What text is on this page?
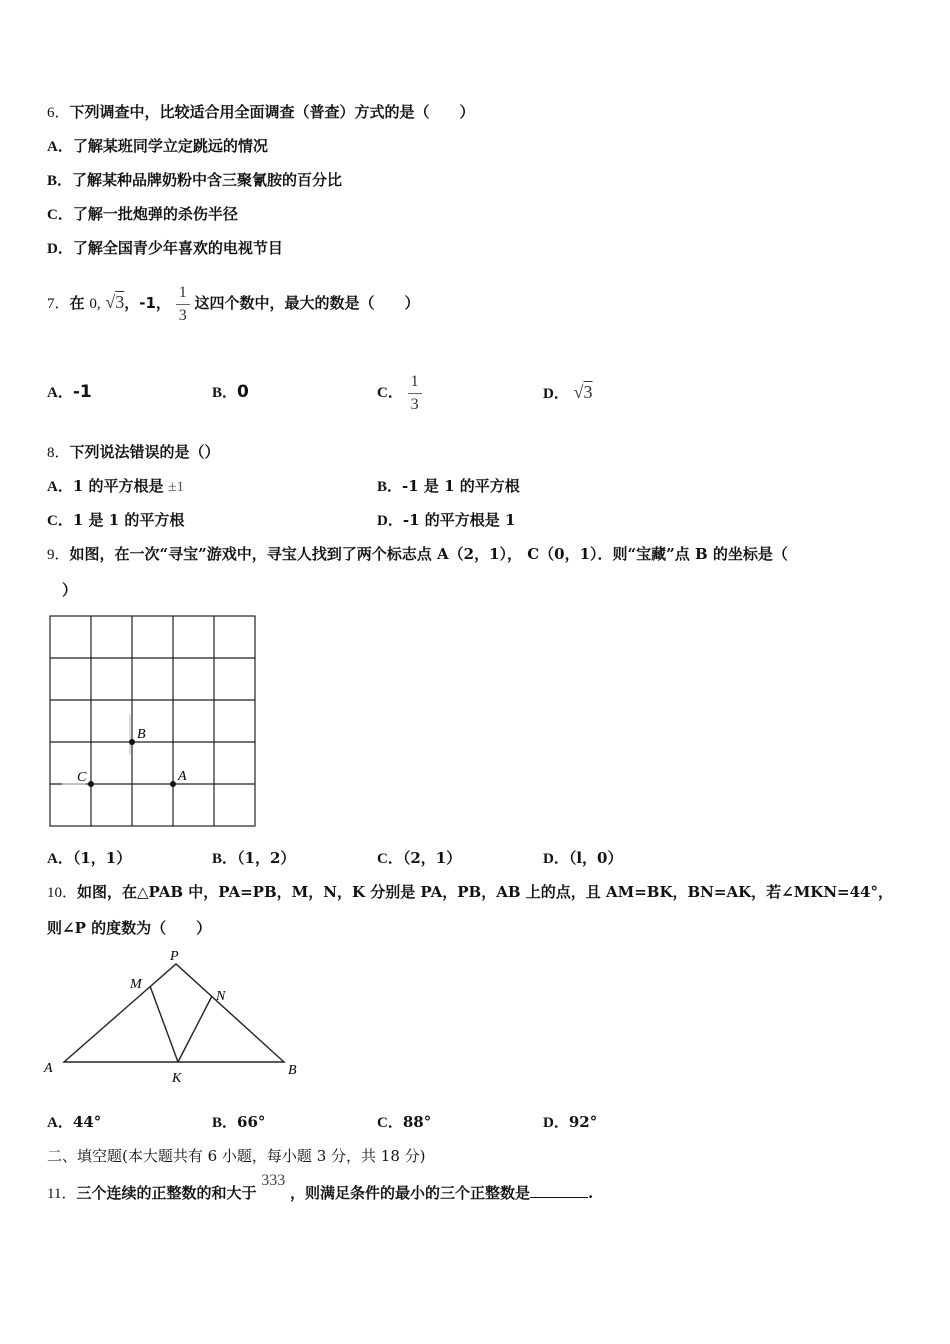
6．下列调查中，比较适合用全面调查（普查）方式的是（　　）
A．了解某班同学立定跳远的情况
B．了解某种品牌奶粉中含三聚氰胺的百分比
C．了解一批炮弹的杀伤半径
D．了解全国青少年喜欢的电视节目
7．在 0, √3，-1， $\frac{1}{3}$ 这四个数中，最大的数是（　　）
A．-1	B．0	C． $\frac{1}{3}$	D． √3
8．下列说法错误的是（）
A．1 的平方根是 ±1	B．-1 是 1 的平方根
C．1 是 1 的平方根	D．-1 的平方根是 1
9．如图，在一次“寻宝”游戏中，寻宝人找到了两个标志点 A（2，1）， C（0，1）．则“宝藏”点 B 的坐标是（
）
B
C	A
A．（1，1）	B．（1，2）	C．（2，1）	D．（l，0）
10．如图，在△PAB 中，PA=PB，M，N，K 分别是 PA，PB，AB 上的点，且 AM=BK，BN=AK，若∠MKN=44°，
则∠P 的度数为（　　）
P
M
N
A
K
B
A．44°	B．66°	C．88°	D．92°
二、填空题(本大题共有 6 小题，每小题 3 分，共 18 分)
11．三个连续的正整数的和大于 333 ，则满足条件的最小的三个正整数是	.
